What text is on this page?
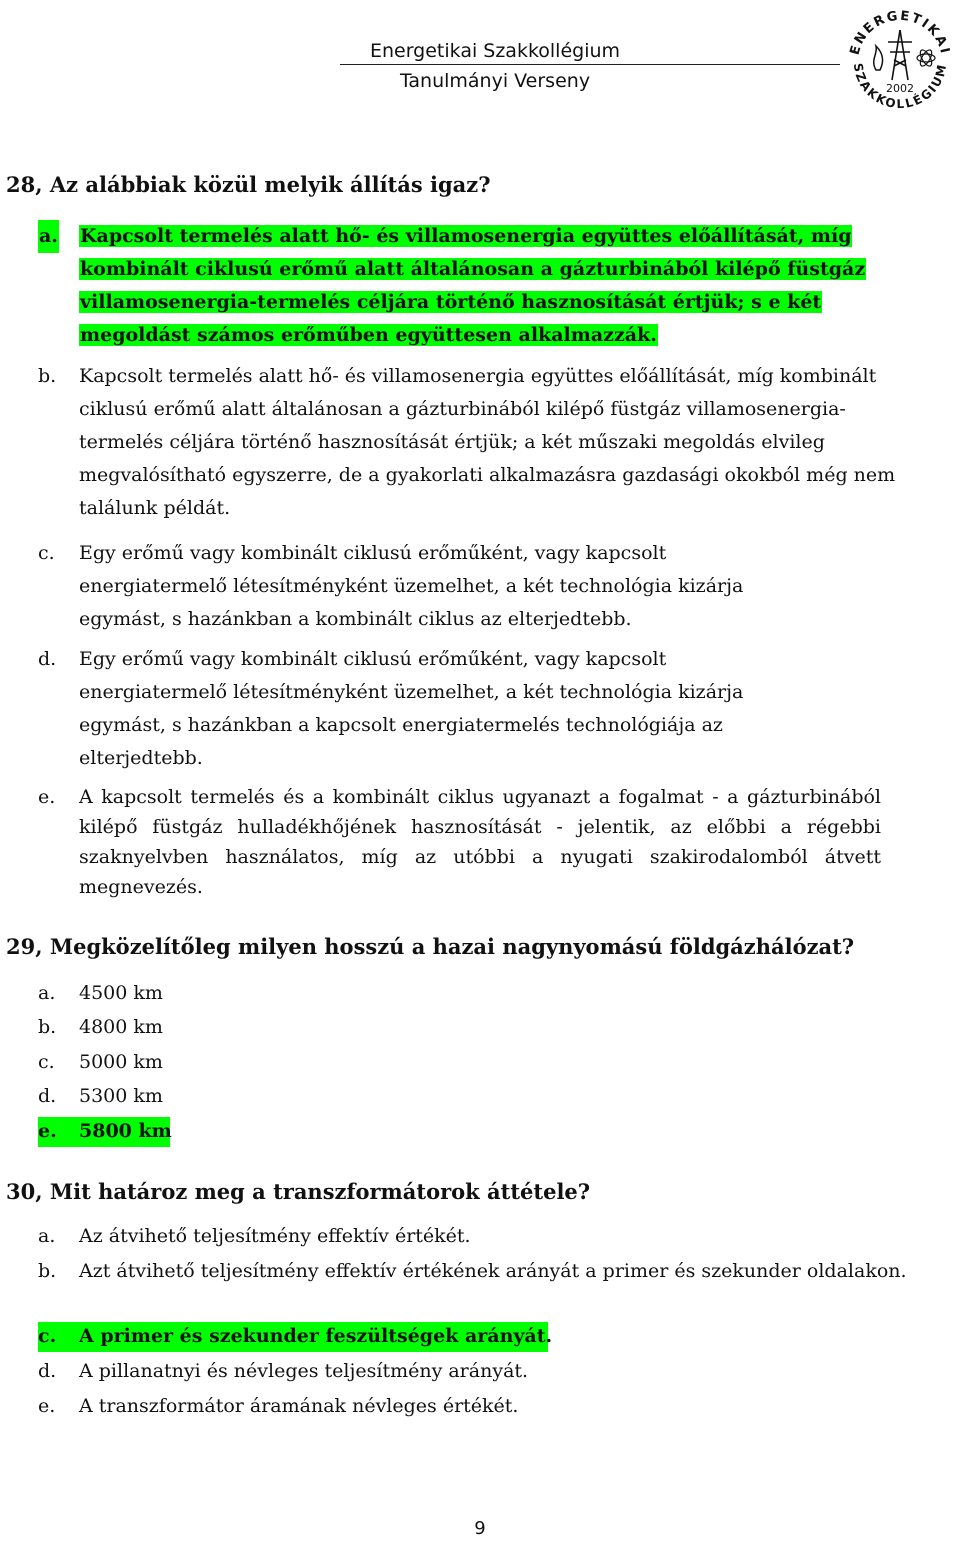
Energetikai Szakkollégium
Tanulmányi Verseny
ENERGETIKAI
SZAKKOLLÉGIUM
2002
28, Az alábbiak közül melyik állítás igaz?
a. Kapcsolt termelés alatt hő- és villamosenergia együttes előállítását, míg kombinált ciklusú erőmű alatt általánosan a gázturbinából kilépő füstgáz villamosenergia-termelés céljára történő hasznosítását értjük; s e két megoldást számos erőműben együttesen alkalmazzák.
b. Kapcsolt termelés alatt hő- és villamosenergia együttes előállítását, míg kombinált ciklusú erőmű alatt általánosan a gázturbinából kilépő füstgáz villamosenergia-termelés céljára történő hasznosítását értjük; a két műszaki megoldás elvileg megvalósítható egyszerre, de a gyakorlati alkalmazásra gazdasági okokból még nem találunk példát.
c. Egy erőmű vagy kombinált ciklusú erőműként, vagy kapcsolt energiatermelő létesítményként üzemelhet, a két technológia kizárja egymást, s hazánkban a kombinált ciklus az elterjedtebb.
d. Egy erőmű vagy kombinált ciklusú erőműként, vagy kapcsolt energiatermelő létesítményként üzemelhet, a két technológia kizárja egymást, s hazánkban a kapcsolt energiatermelés technológiája az elterjedtebb.
e. A kapcsolt termelés és a kombinált ciklus ugyanazt a fogalmat - a gázturbinából kilépő füstgáz hulladékhőjének hasznosítását - jelentik, az előbbi a régebbi szaknyelvben használatos, míg az utóbbi a nyugati szakirodalomból átvett megnevezés.
29, Megközelítőleg milyen hosszú a hazai nagynyomású földgázhálózat?
a. 4500 km
b. 4800 km
c. 5000 km
d. 5300 km
e. 5800 km
30, Mit határoz meg a transzformátorok áttétele?
a. Az átvihető teljesítmény effektív értékét.
b. Azt átvihető teljesítmény effektív értékének arányát a primer és szekunder oldalakon.
c. A primer és szekunder feszültségek arányát.
d. A pillanatnyi és névleges teljesítmény arányát.
e. A transzformátor áramának névleges értékét.
9
